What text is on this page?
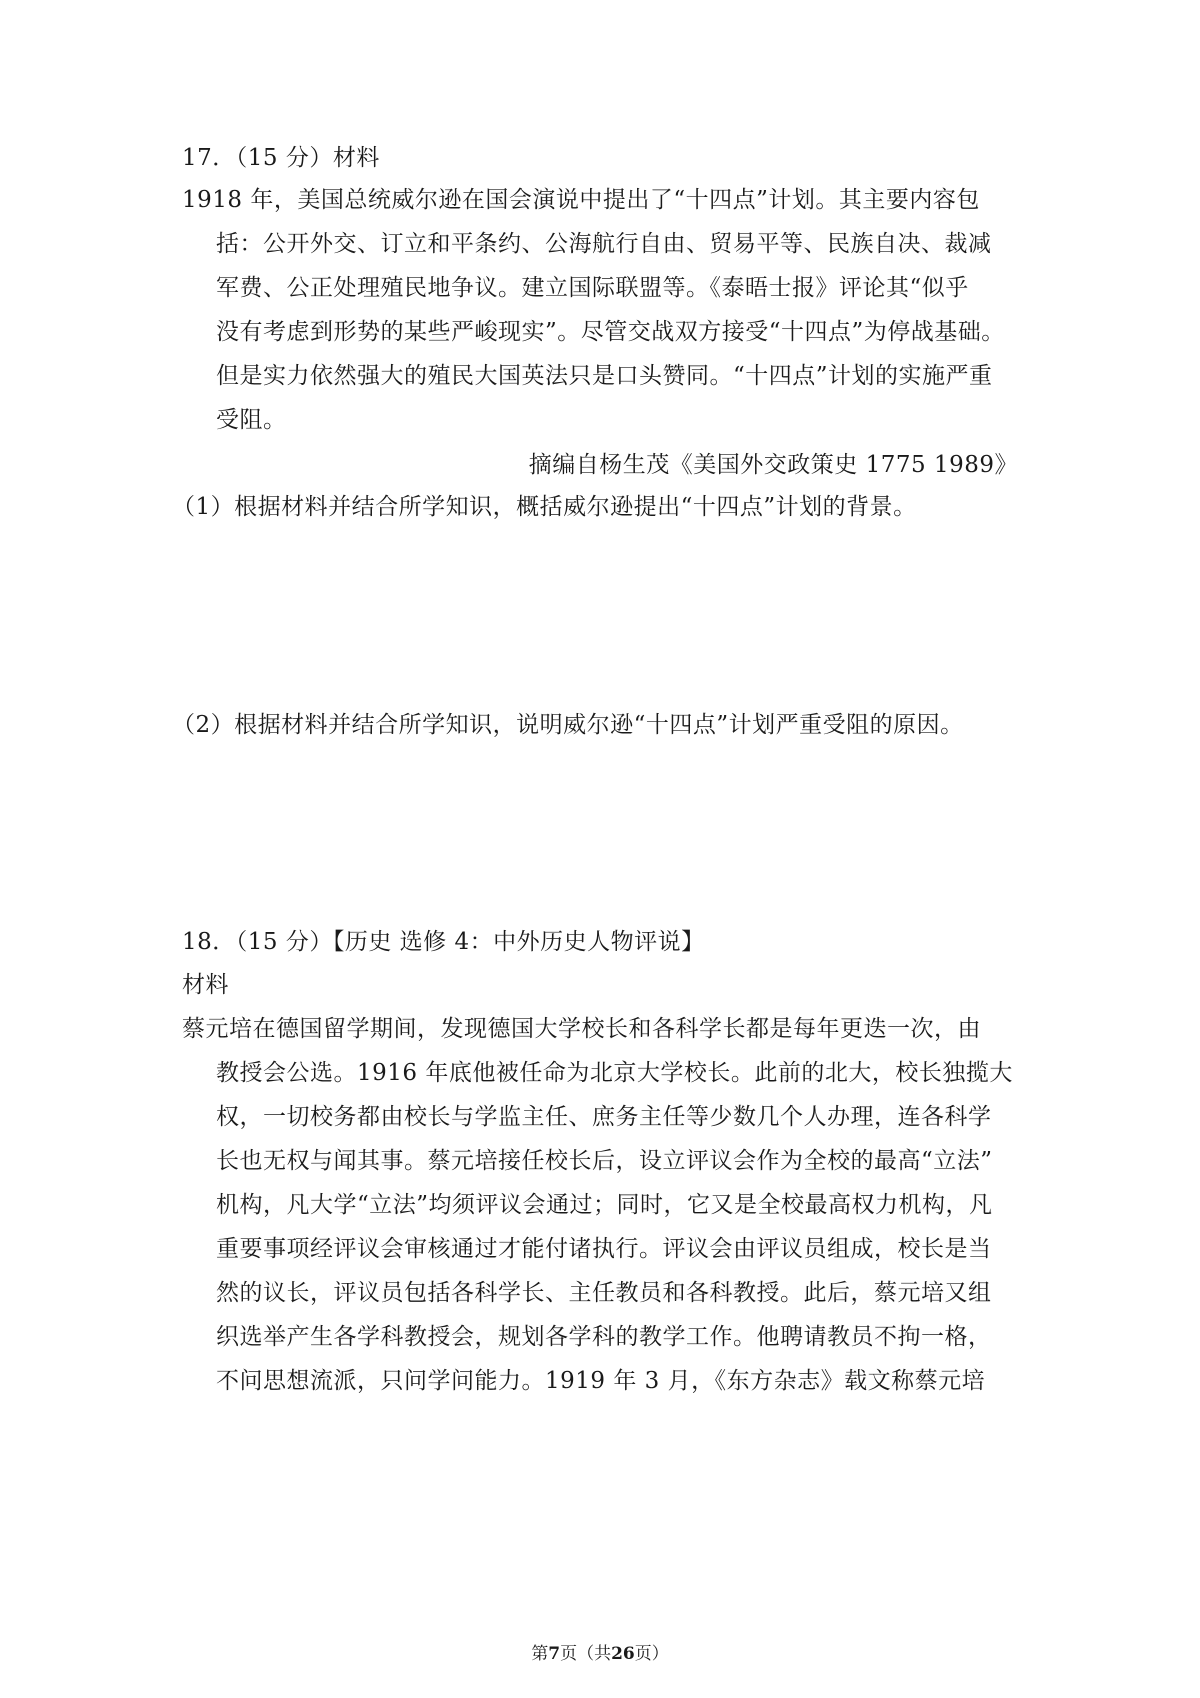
17．（15 分）材料
1918 年，美国总统威尔逊在国会演说中提出了“十四点”计划。其主要内容包
括：公开外交、订立和平条约、公海航行自由、贸易平等、民族自决、裁减
军费、公正处理殖民地争议。建立国际联盟等。《泰晤士报》评论其“似乎
没有考虑到形势的某些严峻现实”。尽管交战双方接受“十四点”为停战基础。
但是实力依然强大的殖民大国英法只是口头赞同。“十四点”计划的实施严重
受阻。
摘编自杨生茂《美国外交政策史 1775 1989》
（1）根据材料并结合所学知识，概括威尔逊提出“十四点”计划的背景。
（2）根据材料并结合所学知识，说明威尔逊“十四点”计划严重受阻的原因。
18．（15 分）【历史 选修 4：中外历史人物评说】
材料
蔡元培在德国留学期间，发现德国大学校长和各科学长都是每年更迭一次，由
教授会公选。1916 年底他被任命为北京大学校长。此前的北大，校长独揽大
权，一切校务都由校长与学监主任、庶务主任等少数几个人办理，连各科学
长也无权与闻其事。蔡元培接任校长后，设立评议会作为全校的最高“立法”
机构，凡大学“立法”均须评议会通过；同时，它又是全校最高权力机构，凡
重要事项经评议会审核通过才能付诸执行。评议会由评议员组成，校长是当
然的议长，评议员包括各科学长、主任教员和各科教授。此后，蔡元培又组
织选举产生各学科教授会，规划各学科的教学工作。他聘请教员不拘一格，
不问思想流派，只问学问能力。1919 年 3 月，《东方杂志》载文称蔡元培
第7页（共26页）
